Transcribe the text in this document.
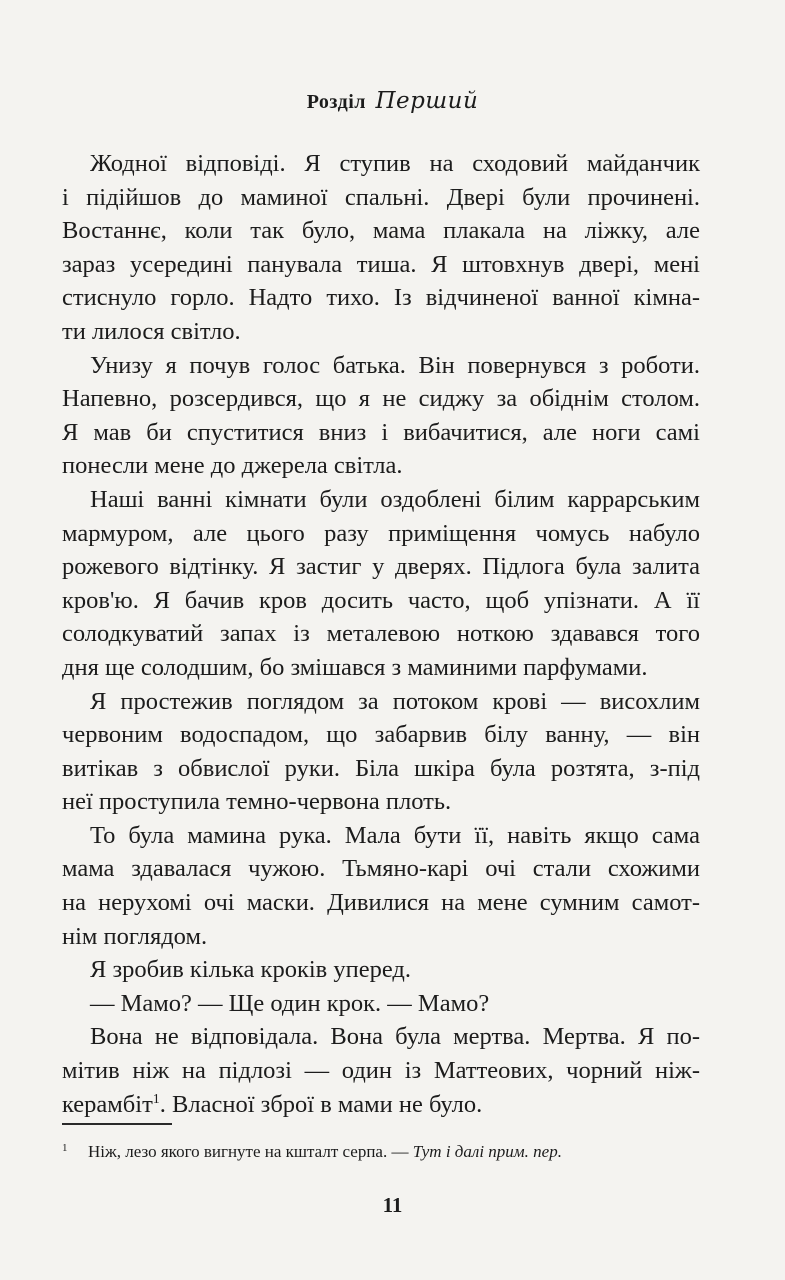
Розділ Перший
Жодної відповіді. Я ступив на сходовий майданчик
і підійшов до маминої спальні. Двері були прочинені.
Востаннє, коли так було, мама плакала на ліжку, але
зараз усередині панувала тиша. Я штовхнув двері, мені
стиснуло горло. Надто тихо. Із відчиненої ванної кімна-
ти лилося світло.
Унизу я почув голос батька. Він повернувся з роботи.
Напевно, розсердився, що я не сиджу за обіднім столом.
Я мав би спуститися вниз і вибачитися, але ноги самі
понесли мене до джерела світла.
Наші ванні кімнати були оздоблені білим каррарським
мармуром, але цього разу приміщення чомусь набуло
рожевого відтінку. Я застиг у дверях. Підлога була залита
кров'ю. Я бачив кров досить часто, щоб упізнати. А її
солодкуватий запах із металевою ноткою здавався того
дня ще солодшим, бо змішався з маминими парфумами.
Я простежив поглядом за потоком крові — висохлим
червоним водоспадом, що забарвив білу ванну, — він
витікав з обвислої руки. Біла шкіра була розтята, з-під
неї проступила темно-червона плоть.
То була мамина рука. Мала бути її, навіть якщо сама
мама здавалася чужою. Тьмяно-карі очі стали схожими
на нерухомі очі маски. Дивилися на мене сумним самот-
нім поглядом.
Я зробив кілька кроків уперед.
— Мамо? — Ще один крок. — Мамо?
Вона не відповідала. Вона була мертва. Мертва. Я по-
мітив ніж на підлозі — один із Маттеових, чорний ніж-
керамбіт$^1$. Власної зброї в мами не було.
1 Ніж, лезо якого вигнуте на кшталт серпа. — Тут і далі прим. пер.
11
